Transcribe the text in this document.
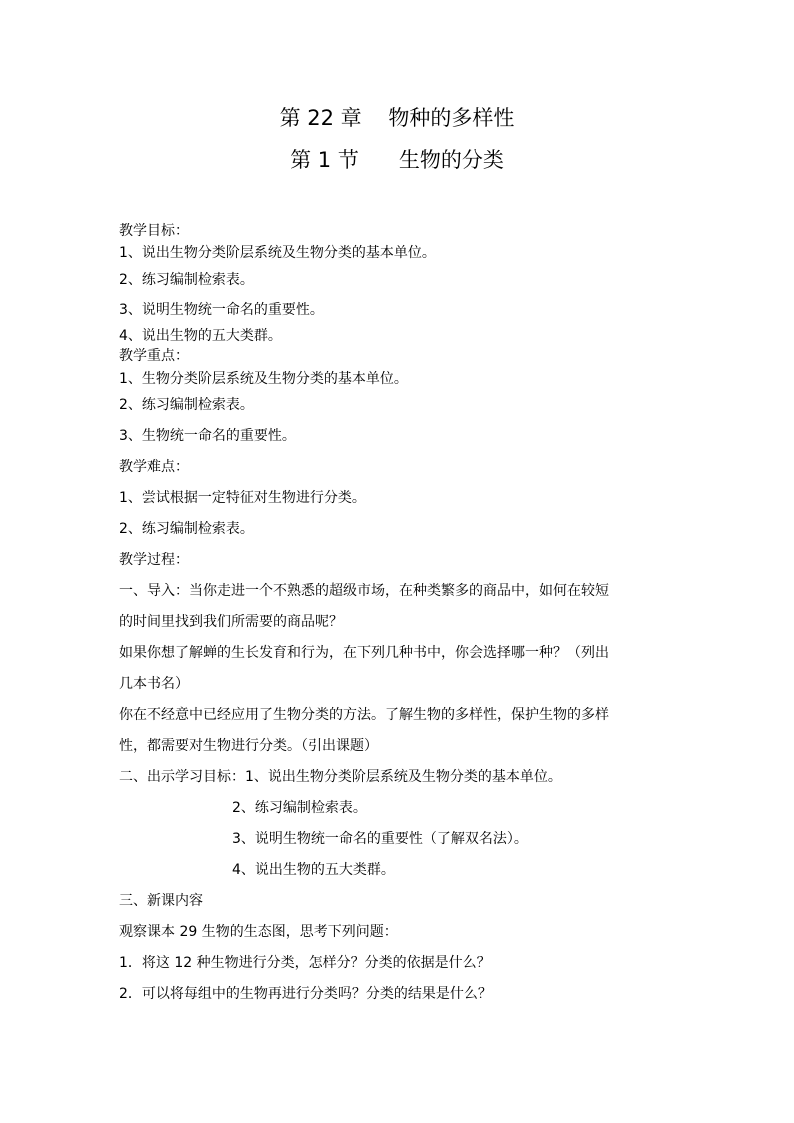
第 22 章    物种的多样性
第 1 节      生物的分类
教学目标：
1、说出生物分类阶层系统及生物分类的基本单位。
2、练习编制检索表。
3、说明生物统一命名的重要性。
4、说出生物的五大类群。
教学重点：
1、生物分类阶层系统及生物分类的基本单位。
2、练习编制检索表。
3、生物统一命名的重要性。
教学难点：
1、尝试根据一定特征对生物进行分类。
2、练习编制检索表。
教学过程：
一、导入：当你走进一个不熟悉的超级市场，在种类繁多的商品中，如何在较短
的时间里找到我们所需要的商品呢？
如果你想了解蝉的生长发育和行为，在下列几种书中，你会选择哪一种？（列出
几本书名）
你在不经意中已经应用了生物分类的方法。了解生物的多样性，保护生物的多样
性，都需要对生物进行分类。（引出课题）
二、出示学习目标：1、说出生物分类阶层系统及生物分类的基本单位。
2、练习编制检索表。
3、说明生物统一命名的重要性（了解双名法）。
4、说出生物的五大类群。
三、新课内容
观察课本 29 生物的生态图，思考下列问题：
1．将这 12 种生物进行分类，怎样分？分类的依据是什么？
2．可以将每组中的生物再进行分类吗？分类的结果是什么？
